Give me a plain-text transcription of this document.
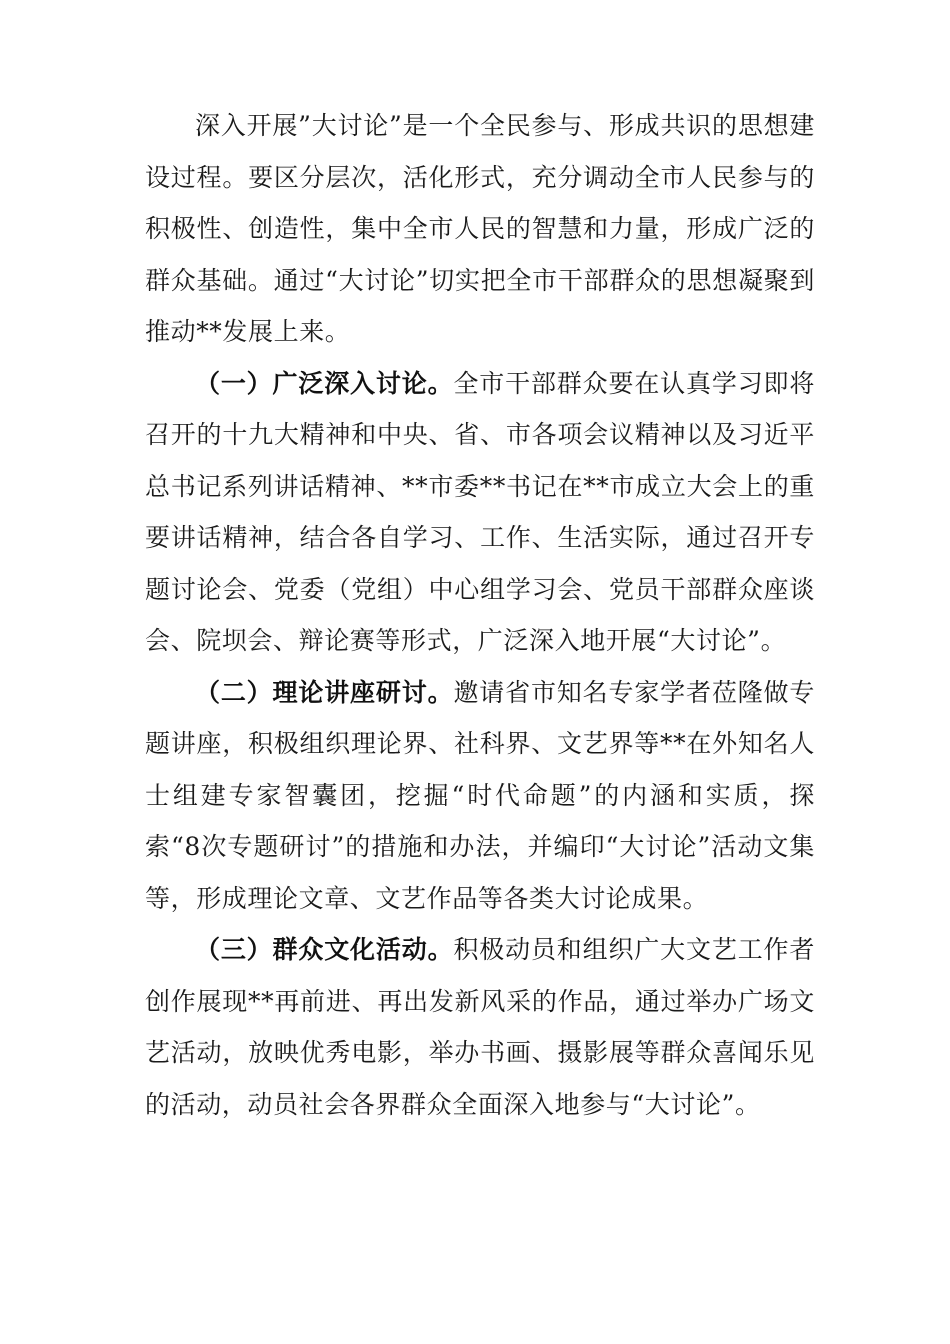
深入开展”大讨论”是一个全民参与、形成共识的思想建设过程。要区分层次，活化形式，充分调动全市人民参与的积极性、创造性，集中全市人民的智慧和力量，形成广泛的群众基础。通过“大讨论”切实把全市干部群众的思想凝聚到推动**发展上来。

（一）广泛深入讨论。全市干部群众要在认真学习即将召开的十九大精神和中央、省、市各项会议精神以及习近平总书记系列讲话精神、**市委**书记在**市成立大会上的重要讲话精神，结合各自学习、工作、生活实际，通过召开专题讨论会、党委（党组）中心组学习会、党员干部群众座谈会、院坝会、辩论赛等形式，广泛深入地开展“大讨论”。

（二）理论讲座研讨。邀请省市知名专家学者莅隆做专题讲座，积极组织理论界、社科界、文艺界等**在外知名人士组建专家智囊团，挖掘“时代命题”的内涵和实质，探索“8次专题研讨”的措施和办法，并编印“大讨论”活动文集等，形成理论文章、文艺作品等各类大讨论成果。

（三）群众文化活动。积极动员和组织广大文艺工作者创作展现**再前进、再出发新风采的作品，通过举办广场文艺活动，放映优秀电影，举办书画、摄影展等群众喜闻乐见的活动，动员社会各界群众全面深入地参与“大讨论”。
